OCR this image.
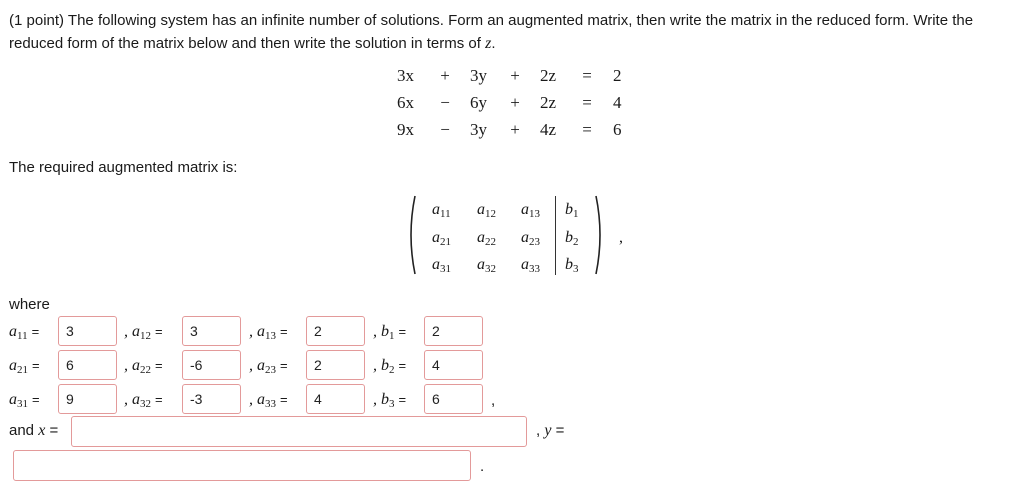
(1 point) The following system has an infinite number of solutions. Form an augmented matrix, then write the matrix in the reduced form. Write the reduced form of the matrix below and then write the solution in terms of z.
3x	+	3y	+	2z	=	2
6x	−	6y	+	2z	=	4
9x	−	3y	+	4z	=	6
The required augmented matrix is:
$a_{11}$ $a_{12}$ $a_{13}$ $b_1$
$a_{21}$ $a_{22}$ $a_{23}$ $b_2$
$a_{31}$ $a_{32}$ $a_{33}$ $b_3$
,
where
$a_{11}$ =	3	, $a_{12}$ =	3	, $a_{13}$ =	2	, $b_1$ =	2
$a_{21}$ =	6	, $a_{22}$ =	-6	, $a_{23}$ =	2	, $b_2$ =	4
$a_{31}$ =	9	, $a_{32}$ =	-3	, $a_{33}$ =	4	, $b_3$ =	6	,
and x =	, y =
.
